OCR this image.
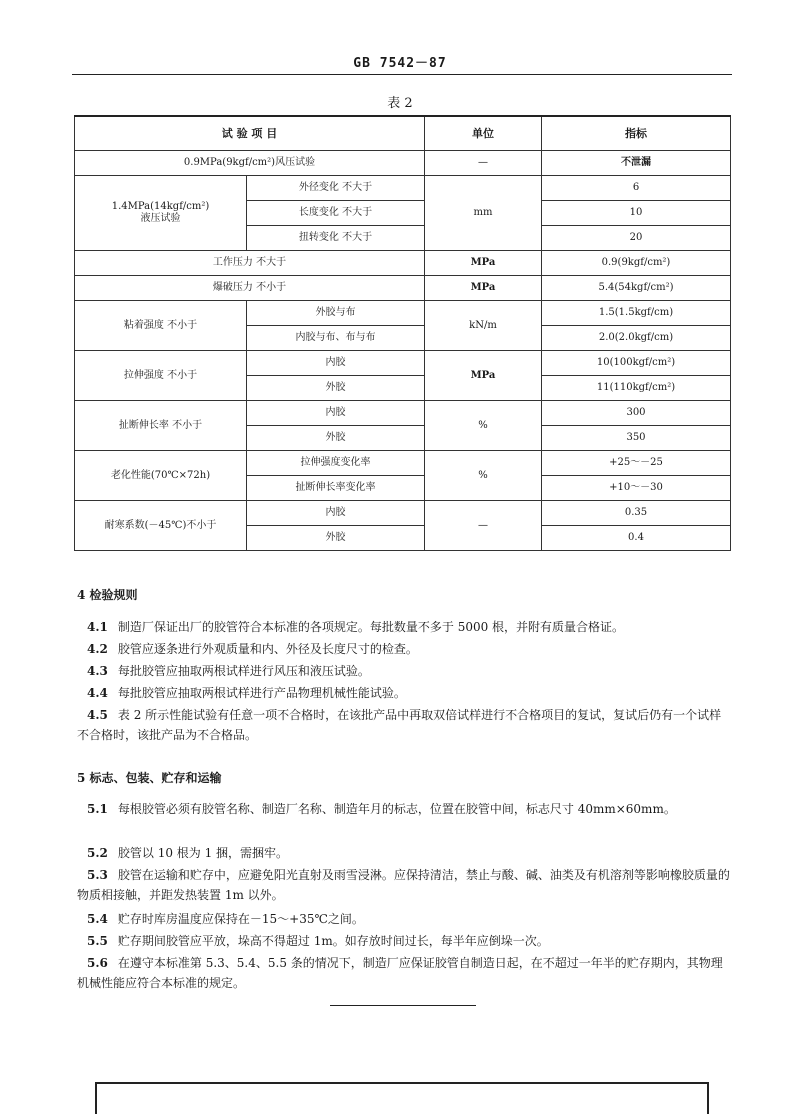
GB 7542－87
表 2
试 验 项 目		单位	指标
0.9MPa(9kgf/cm²)风压试验		—	不泄漏
1.4MPa(14kgf/cm²)
液压试验	外径变化 不大于	mm	6
	长度变化 不大于		10
	扭转变化 不大于		20
工作压力 不大于		MPa	0.9(9kgf/cm²)
爆破压力 不小于		MPa	5.4(54kgf/cm²)
粘着强度 不小于	外胶与布	kN/m	1.5(1.5kgf/cm)
	内胶与布、布与布		2.0(2.0kgf/cm)
拉伸强度 不小于	内胶	MPa	10(100kgf/cm²)
	外胶		11(110kgf/cm²)
扯断伸长率 不小于	内胶	%	300
	外胶		350
老化性能(70℃×72h)	拉伸强度变化率	%	+25～－25
	扯断伸长率变化率		+10～－30
耐寒系数(－45℃)不小于	内胶	—	0.35
	外胶		0.4
4 检验规则
4.1 制造厂保证出厂的胶管符合本标准的各项规定。每批数量不多于 5000 根，并附有质量合格证。
4.2 胶管应逐条进行外观质量和内、外径及长度尺寸的检查。
4.3 每批胶管应抽取两根试样进行风压和液压试验。
4.4 每批胶管应抽取两根试样进行产品物理机械性能试验。
4.5 表 2 所示性能试验有任意一项不合格时，在该批产品中再取双倍试样进行不合格项目的复试，复试后仍有一个试样不合格时，该批产品为不合格品。
5 标志、包装、贮存和运输
5.1 每根胶管必须有胶管名称、制造厂名称、制造年月的标志，位置在胶管中间，标志尺寸 40mm×60mm。
5.2 胶管以 10 根为 1 捆，需捆牢。
5.3 胶管在运输和贮存中，应避免阳光直射及雨雪浸淋。应保持清洁，禁止与酸、碱、油类及有机溶剂等影响橡胶质量的物质相接触，并距发热装置 1m 以外。
5.4 贮存时库房温度应保持在－15～+35℃之间。
5.5 贮存期间胶管应平放，垛高不得超过 1m。如存放时间过长，每半年应倒垛一次。
5.6 在遵守本标准第 5.3、5.4、5.5 条的情况下，制造厂应保证胶管自制造日起，在不超过一年半的贮存期内，其物理机械性能应符合本标准的规定。
